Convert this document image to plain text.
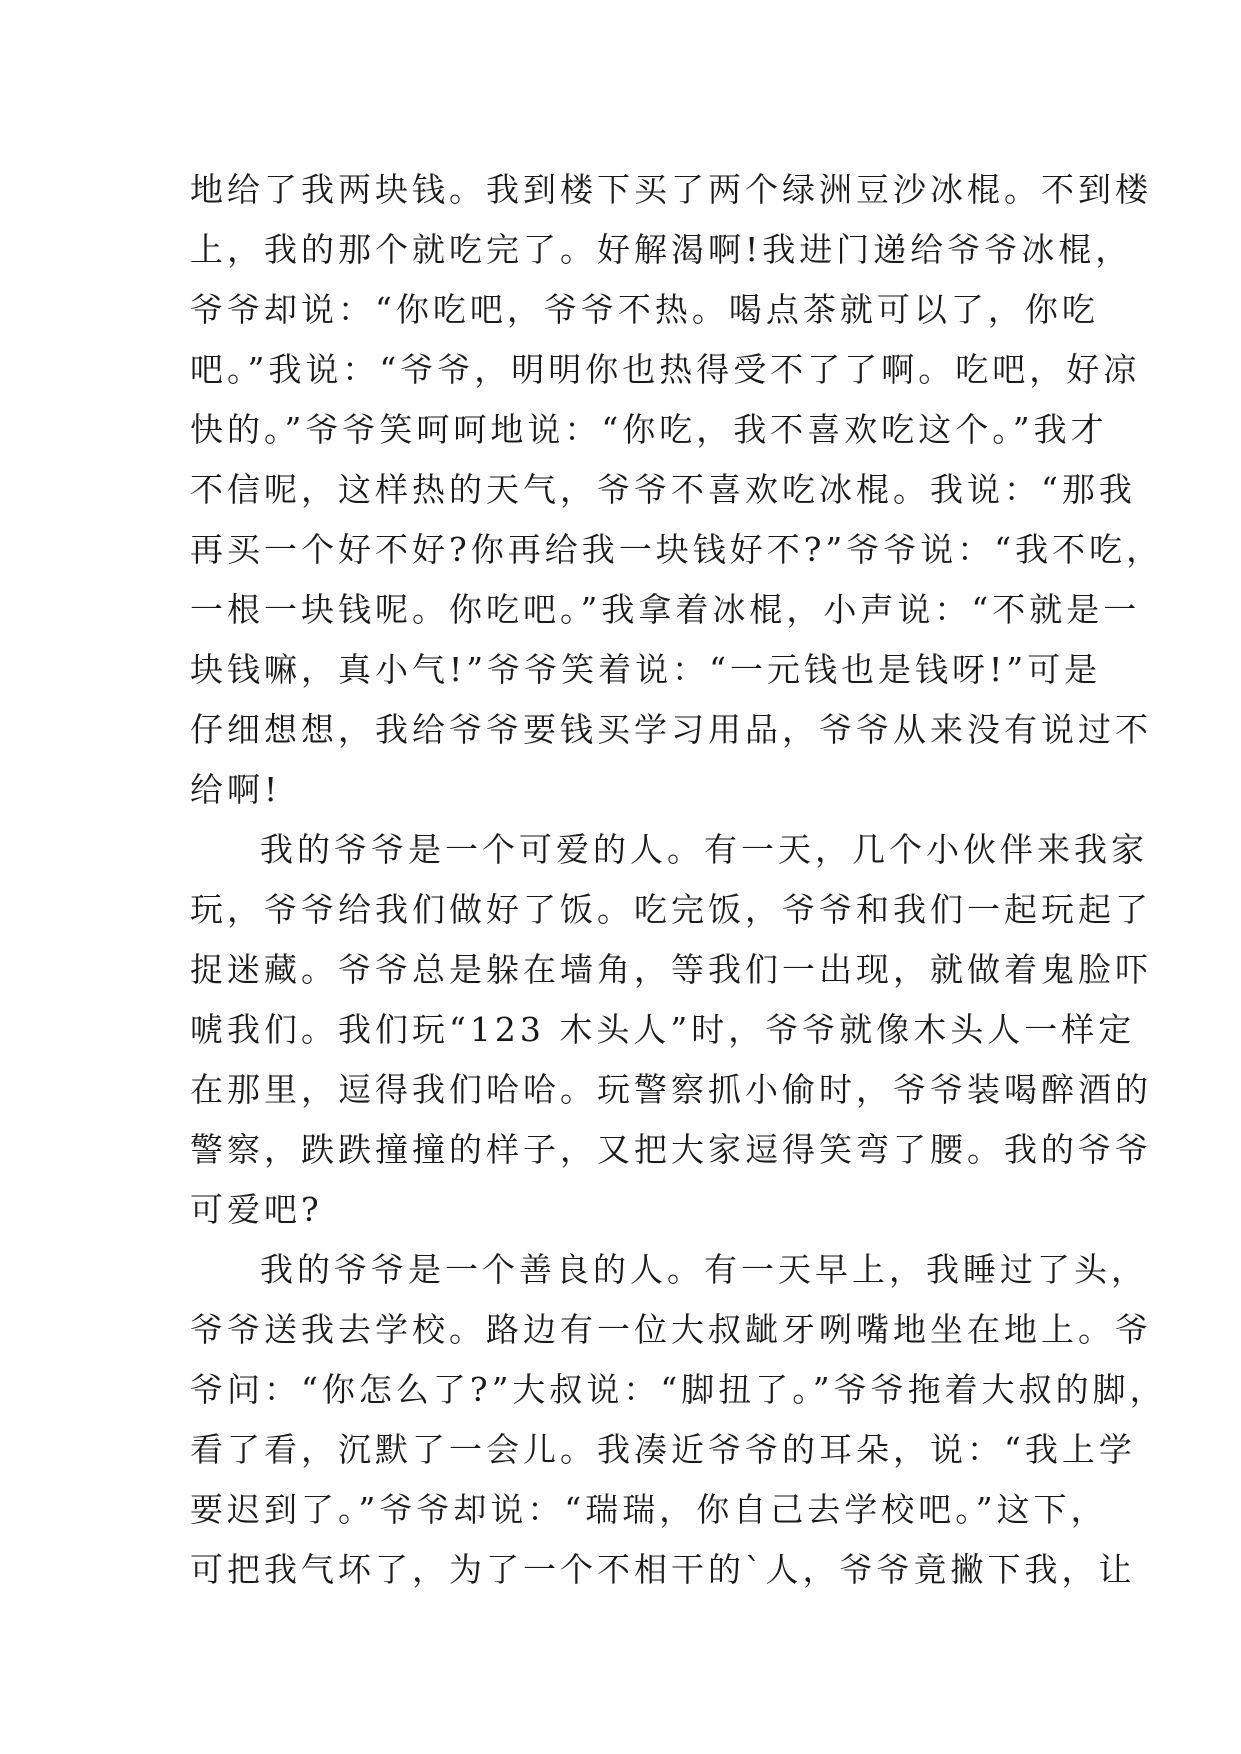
地给了我两块钱。我到楼下买了两个绿洲豆沙冰棍。不到楼
上，我的那个就吃完了。好解渴啊!我进门递给爷爷冰棍，
爷爷却说：“你吃吧，爷爷不热。喝点茶就可以了，你吃
吧。”我说：“爷爷，明明你也热得受不了了啊。吃吧，好凉
快的。”爷爷笑呵呵地说：“你吃，我不喜欢吃这个。”我才
不信呢，这样热的天气，爷爷不喜欢吃冰棍。我说：“那我
再买一个好不好?你再给我一块钱好不?”爷爷说：“我不吃，
一根一块钱呢。你吃吧。”我拿着冰棍，小声说：“不就是一
块钱嘛，真小气!”爷爷笑着说：“一元钱也是钱呀!”可是
仔细想想，我给爷爷要钱买学习用品，爷爷从来没有说过不
给啊!
我的爷爷是一个可爱的人。有一天，几个小伙伴来我家
玩，爷爷给我们做好了饭。吃完饭，爷爷和我们一起玩起了
捉迷藏。爷爷总是躲在墙角，等我们一出现，就做着鬼脸吓
唬我们。我们玩“123 木头人”时，爷爷就像木头人一样定
在那里，逗得我们哈哈。玩警察抓小偷时，爷爷装喝醉酒的
警察，跌跌撞撞的样子，又把大家逗得笑弯了腰。我的爷爷
可爱吧?
我的爷爷是一个善良的人。有一天早上，我睡过了头，
爷爷送我去学校。路边有一位大叔龇牙咧嘴地坐在地上。爷
爷问：“你怎么了?”大叔说：“脚扭了。”爷爷拖着大叔的脚，
看了看，沉默了一会儿。我凑近爷爷的耳朵，说：“我上学
要迟到了。”爷爷却说：“瑞瑞，你自己去学校吧。”这下，
可把我气坏了，为了一个不相干的`人，爷爷竟撇下我，让
